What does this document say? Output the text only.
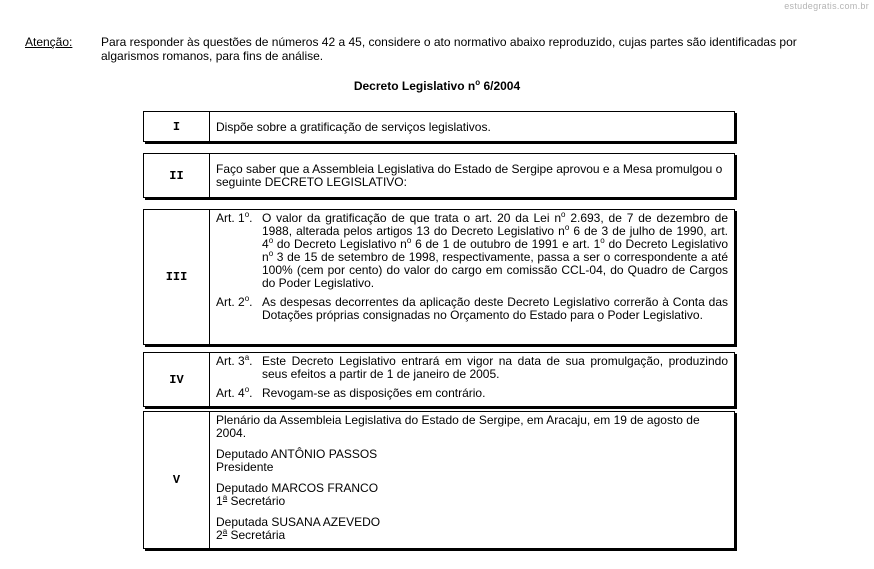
estudegratis.com.br
Atenção: Para responder às questões de números 42 a 45, considere o ato normativo abaixo reproduzido, cujas partes são identificadas por algarismos romanos, para fins de análise.
Decreto Legislativo $n^o$ 6/2004
I	Dispõe sobre a gratificação de serviços legislativos.
II	Faço saber que a Assembleia Legislativa do Estado de Sergipe aprovou e a Mesa promulgou o seguinte DECRETO LEGISLATIVO:
III
Art. 1$^o$. O valor da gratificação de que trata o art. 20 da Lei $n^o$ 2.693, de 7 de dezembro de 1988, alterada pelos artigos 13 do Decreto Legislativo $n^o$ 6 de 3 de julho de 1990, art. 4$^o$ do Decreto Legislativo $n^o$ 6 de 1 de outubro de 1991 e art. 1$^o$ do Decreto Legislativo $n^o$ 3 de 15 de setembro de 1998, respectivamente, passa a ser o correspondente a até 100% (cem por cento) do valor do cargo em comissão CCL-04, do Quadro de Cargos do Poder Legislativo.
Art. 2$^o$. As despesas decorrentes da aplicação deste Decreto Legislativo correrão à Conta das Dotações próprias consignadas no Orçamento do Estado para o Poder Legislativo.
IV
Art. 3$^a$. Este Decreto Legislativo entrará em vigor na data de sua promulgação, produzindo seus efeitos a partir de 1 de janeiro de 2005.
Art. 4$^o$. Revogam-se as disposições em contrário.
V
Plenário da Assembleia Legislativa do Estado de Sergipe, em Aracaju, em 19 de agosto de 2004.
Deputado ANTÔNIO PASSOS
Presidente
Deputado MARCOS FRANCO
1$^a$ Secretário
Deputada SUSANA AZEVEDO
2$^a$ Secretária
